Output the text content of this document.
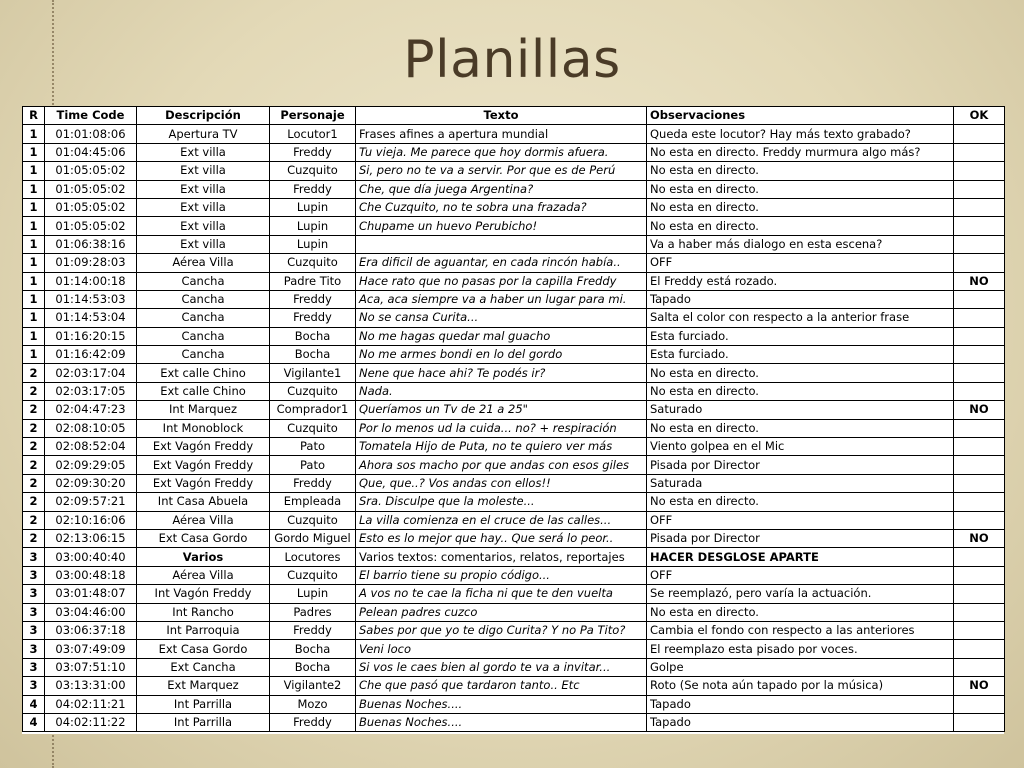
Planillas
R	Time Code	Descripción	Personaje	Texto	Observaciones	OK
1	01:01:08:06	Apertura TV	Locutor1	Frases afines a apertura mundial	Queda este locutor? Hay más texto grabado?	
1	01:04:45:06	Ext villa	Freddy	Tu vieja. Me parece que hoy dormis afuera.	No esta en directo. Freddy murmura algo más?	
1	01:05:05:02	Ext villa	Cuzquito	Si, pero no te va a servir. Por que es de Perú	No esta en directo.	
1	01:05:05:02	Ext villa	Freddy	Che, que día juega Argentina?	No esta en directo.	
1	01:05:05:02	Ext villa	Lupin	Che Cuzquito, no te sobra una frazada?	No esta en directo.	
1	01:05:05:02	Ext villa	Lupin	Chupame un huevo Perubicho!	No esta en directo.	
1	01:06:38:16	Ext villa	Lupin		Va a haber más dialogo en esta escena?	
1	01:09:28:03	Aérea Villa	Cuzquito	Era dificil de aguantar, en cada rincón había..	OFF	
1	01:14:00:18	Cancha	Padre Tito	Hace rato que no pasas por la capilla Freddy	El Freddy está rozado.	NO
1	01:14:53:03	Cancha	Freddy	Aca, aca siempre va a haber un lugar para mi.	Tapado	
1	01:14:53:04	Cancha	Freddy	No se cansa Curita...	Salta el color con respecto a la anterior frase	
1	01:16:20:15	Cancha	Bocha	No me hagas quedar mal guacho	Esta furciado.	
1	01:16:42:09	Cancha	Bocha	No me armes bondi en lo del gordo	Esta furciado.	
2	02:03:17:04	Ext calle Chino	Vigilante1	Nene que hace ahi? Te podés ir?	No esta en directo.	
2	02:03:17:05	Ext calle Chino	Cuzquito	Nada.	No esta en directo.	
2	02:04:47:23	Int Marquez	Comprador1	Queríamos un Tv de 21 a 25"	Saturado	NO
2	02:08:10:05	Int Monoblock	Cuzquito	Por lo menos ud la cuida... no? + respiración	No esta en directo.	
2	02:08:52:04	Ext Vagón Freddy	Pato	Tomatela Hijo de Puta, no te quiero ver más	Viento golpea en el Mic	
2	02:09:29:05	Ext Vagón Freddy	Pato	Ahora sos macho por que andas con esos giles	Pisada por Director	
2	02:09:30:20	Ext Vagón Freddy	Freddy	Que, que..? Vos andas con ellos!!	Saturada	
2	02:09:57:21	Int Casa Abuela	Empleada	Sra. Disculpe que la moleste...	No esta en directo.	
2	02:10:16:06	Aérea Villa	Cuzquito	La villa comienza en el cruce de las calles...	OFF	
2	02:13:06:15	Ext Casa Gordo	Gordo Miguel	Esto es lo mejor que hay.. Que será lo peor..	Pisada por Director	NO
3	03:00:40:40	Varios	Locutores	Varios textos: comentarios, relatos, reportajes	HACER DESGLOSE APARTE	
3	03:00:48:18	Aérea Villa	Cuzquito	El barrio tiene su propio código...	OFF	
3	03:01:48:07	Int Vagón Freddy	Lupin	A vos no te cae la ficha ni que te den vuelta	Se reemplazó, pero varía la actuación.	
3	03:04:46:00	Int Rancho	Padres	Pelean padres cuzco	No esta en directo.	
3	03:06:37:18	Int Parroquia	Freddy	Sabes por que yo te digo Curita? Y no Pa Tito?	Cambia el fondo con respecto a las anteriores	
3	03:07:49:09	Ext Casa Gordo	Bocha	Veni loco	El reemplazo esta pisado por voces.	
3	03:07:51:10	Ext Cancha	Bocha	Si vos le caes bien al gordo te va a invitar...	Golpe	
3	03:13:31:00	Ext Marquez	Vigilante2	Che que pasó que tardaron tanto.. Etc	Roto (Se nota aún tapado por la música)	NO
4	04:02:11:21	Int Parrilla	Mozo	Buenas Noches....	Tapado	
4	04:02:11:22	Int Parrilla	Freddy	Buenas Noches....	Tapado	
